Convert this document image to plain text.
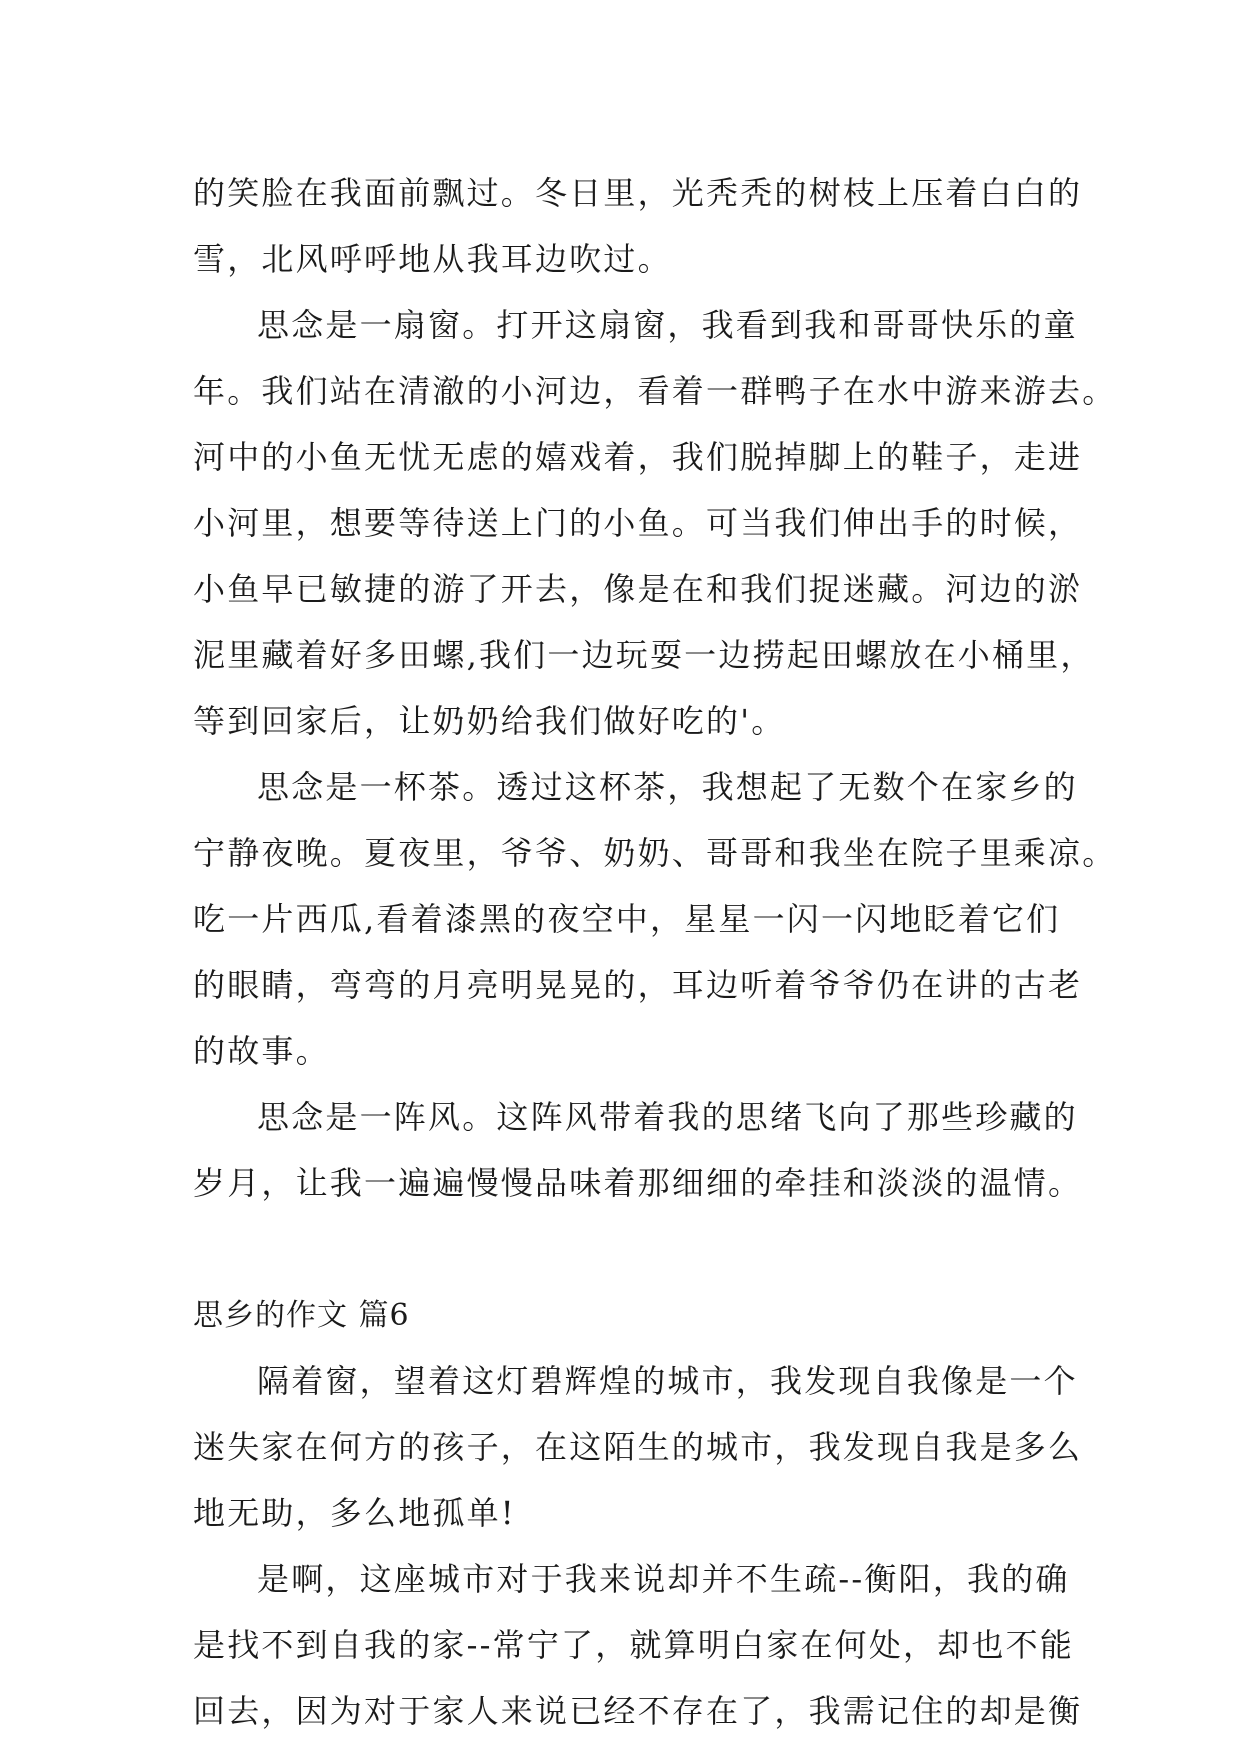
的笑脸在我面前飘过。冬日里，光秃秃的树枝上压着白白的
雪，北风呼呼地从我耳边吹过。
思念是一扇窗。打开这扇窗，我看到我和哥哥快乐的童
年。我们站在清澈的小河边，看着一群鸭子在水中游来游去。
河中的小鱼无忧无虑的嬉戏着，我们脱掉脚上的鞋子，走进
小河里，想要等待送上门的小鱼。可当我们伸出手的时候，
小鱼早已敏捷的游了开去，像是在和我们捉迷藏。河边的淤
泥里藏着好多田螺,我们一边玩耍一边捞起田螺放在小桶里，
等到回家后，让奶奶给我们做好吃的'。
思念是一杯茶。透过这杯茶，我想起了无数个在家乡的
宁静夜晚。夏夜里，爷爷、奶奶、哥哥和我坐在院子里乘凉。
吃一片西瓜,看着漆黑的夜空中，星星一闪一闪地眨着它们
的眼睛，弯弯的月亮明晃晃的，耳边听着爷爷仍在讲的古老
的故事。
思念是一阵风。这阵风带着我的思绪飞向了那些珍藏的
岁月，让我一遍遍慢慢品味着那细细的牵挂和淡淡的温情。
思乡的作文 篇6
隔着窗，望着这灯碧辉煌的城市，我发现自我像是一个
迷失家在何方的孩子，在这陌生的城市，我发现自我是多么
地无助，多么地孤单!
是啊，这座城市对于我来说却并不生疏--衡阳，我的确
是找不到自我的家--常宁了，就算明白家在何处，却也不能
回去，因为对于家人来说已经不存在了，我需记住的却是衡
